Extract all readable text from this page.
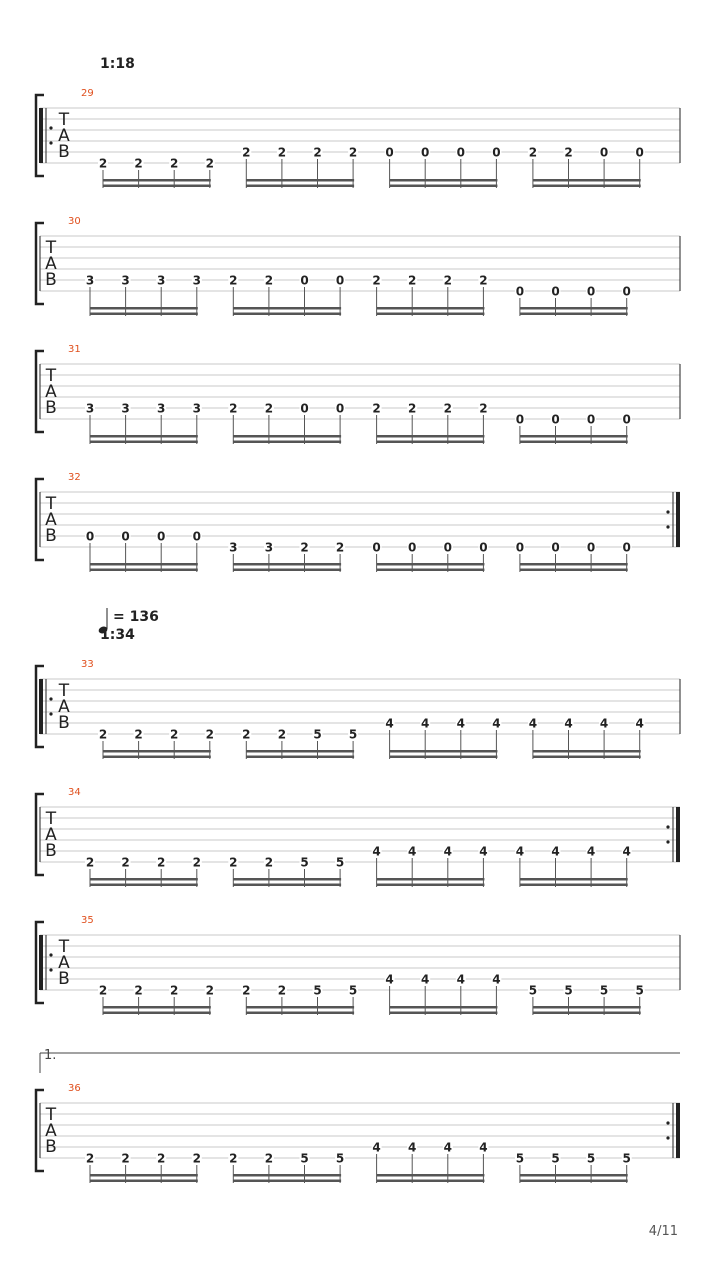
1:18
= 136
1:34
1.
4/11
T
A
B
29
2 2 2 2
2 2 2 2 0 0 0 0 2 2 0 0
T
A
B
30
3 3 3 3 2 2 0 0 2 2 2 2
0 0 0 0
T
A
B
31
3 3 3 3 2 2 0 0 2 2 2 2
0 0 0 0
T
A
B
32
0 0 0 0
3 3 2 2 0 0 0 0 0 0 0 0
T
A
B
33
2 2 2 2 2 2 5 5
4 4 4 4 4 4 4 4
T
A
B
34
2 2 2 2 2 2 5 5
4 4 4 4 4 4 4 4
T
A
B
35
2 2 2 2 2 2 5 5
4 4 4 4
5 5 5 5
T
A
B
36
2 2 2 2 2 2 5 5
4 4 4 4
5 5 5 5
